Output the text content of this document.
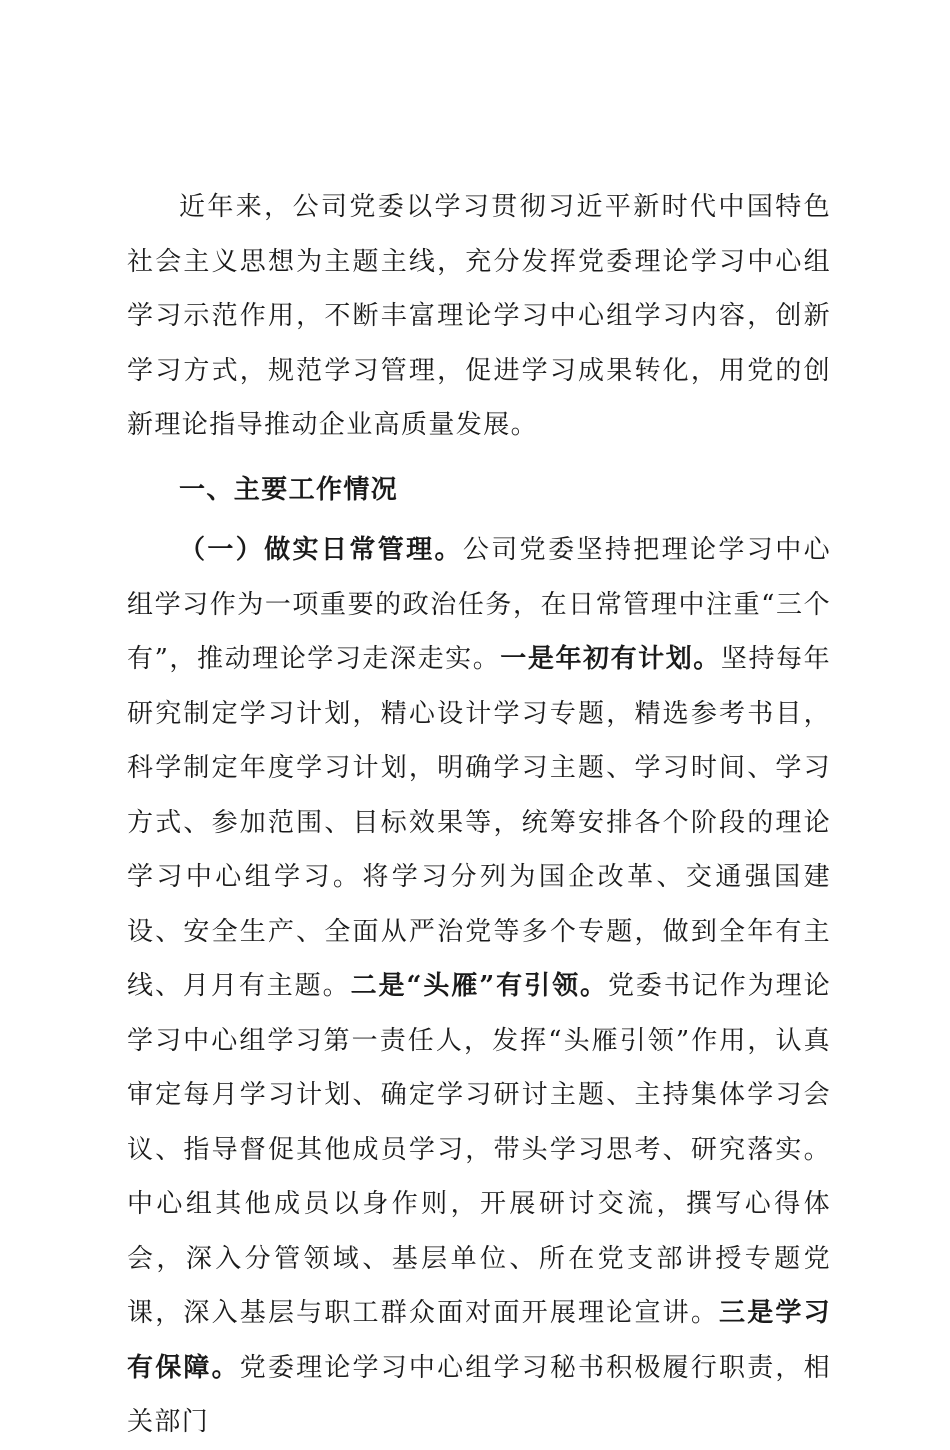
近年来，公司党委以学习贯彻习近平新时代中国特色社会主义思想为主题主线，充分发挥党委理论学习中心组学习示范作用，不断丰富理论学习中心组学习内容，创新学习方式，规范学习管理，促进学习成果转化，用党的创新理论指导推动企业高质量发展。

一、主要工作情况

（一）做实日常管理。公司党委坚持把理论学习中心组学习作为一项重要的政治任务，在日常管理中注重“三个有”，推动理论学习走深走实。一是年初有计划。坚持每年研究制定学习计划，精心设计学习专题，精选参考书目，科学制定年度学习计划，明确学习主题、学习时间、学习方式、参加范围、目标效果等，统筹安排各个阶段的理论学习中心组学习。将学习分列为国企改革、交通强国建设、安全生产、全面从严治党等多个专题，做到全年有主线、月月有主题。二是“头雁”有引领。党委书记作为理论学习中心组学习第一责任人，发挥“头雁引领”作用，认真审定每月学习计划、确定学习研讨主题、主持集体学习会议、指导督促其他成员学习，带头学习思考、研究落实。中心组其他成员以身作则，开展研讨交流，撰写心得体会，深入分管领域、基层单位、所在党支部讲授专题党课，深入基层与职工群众面对面开展理论宣讲。三是学习有保障。党委理论学习中心组学习秘书积极履行职责，相关部门
